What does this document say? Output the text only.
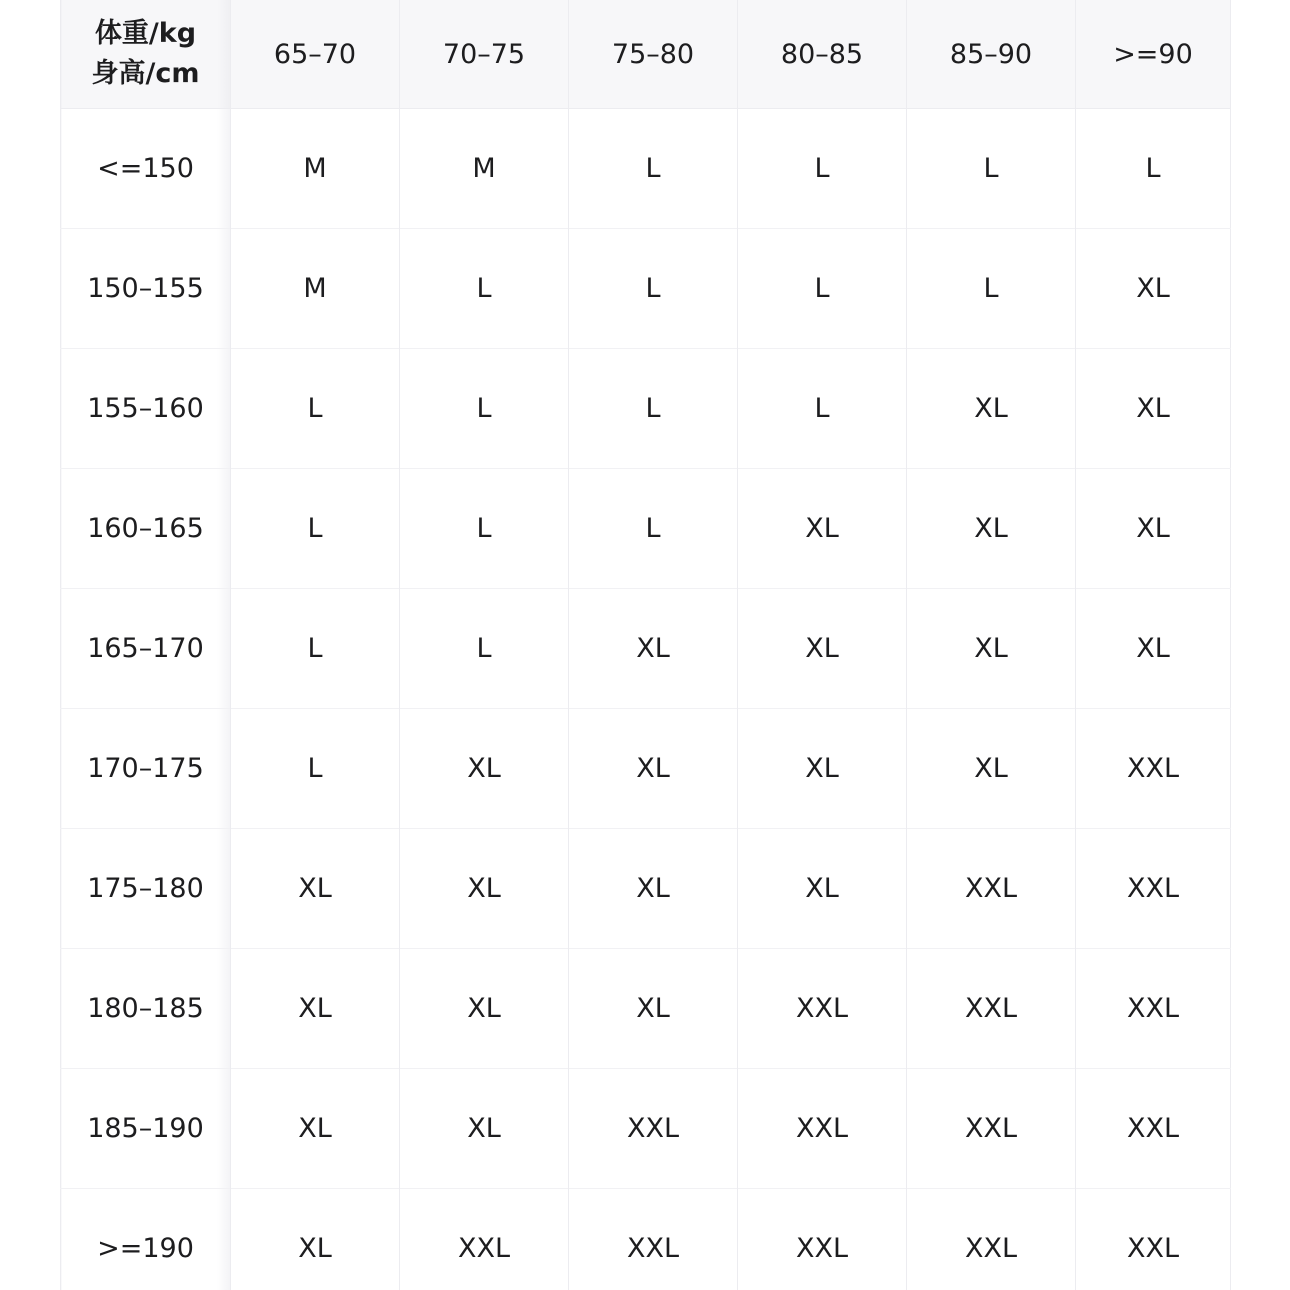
体重/kg
身高/cm	65–70	70–75	75–80	80–85	85–90	>=90
<=150	M	M	L	L	L	L
150–155	M	L	L	L	L	XL
155–160	L	L	L	L	XL	XL
160–165	L	L	L	XL	XL	XL
165–170	L	L	XL	XL	XL	XL
170–175	L	XL	XL	XL	XL	XXL
175–180	XL	XL	XL	XL	XXL	XXL
180–185	XL	XL	XL	XXL	XXL	XXL
185–190	XL	XL	XXL	XXL	XXL	XXL
>=190	XL	XXL	XXL	XXL	XXL	XXL
